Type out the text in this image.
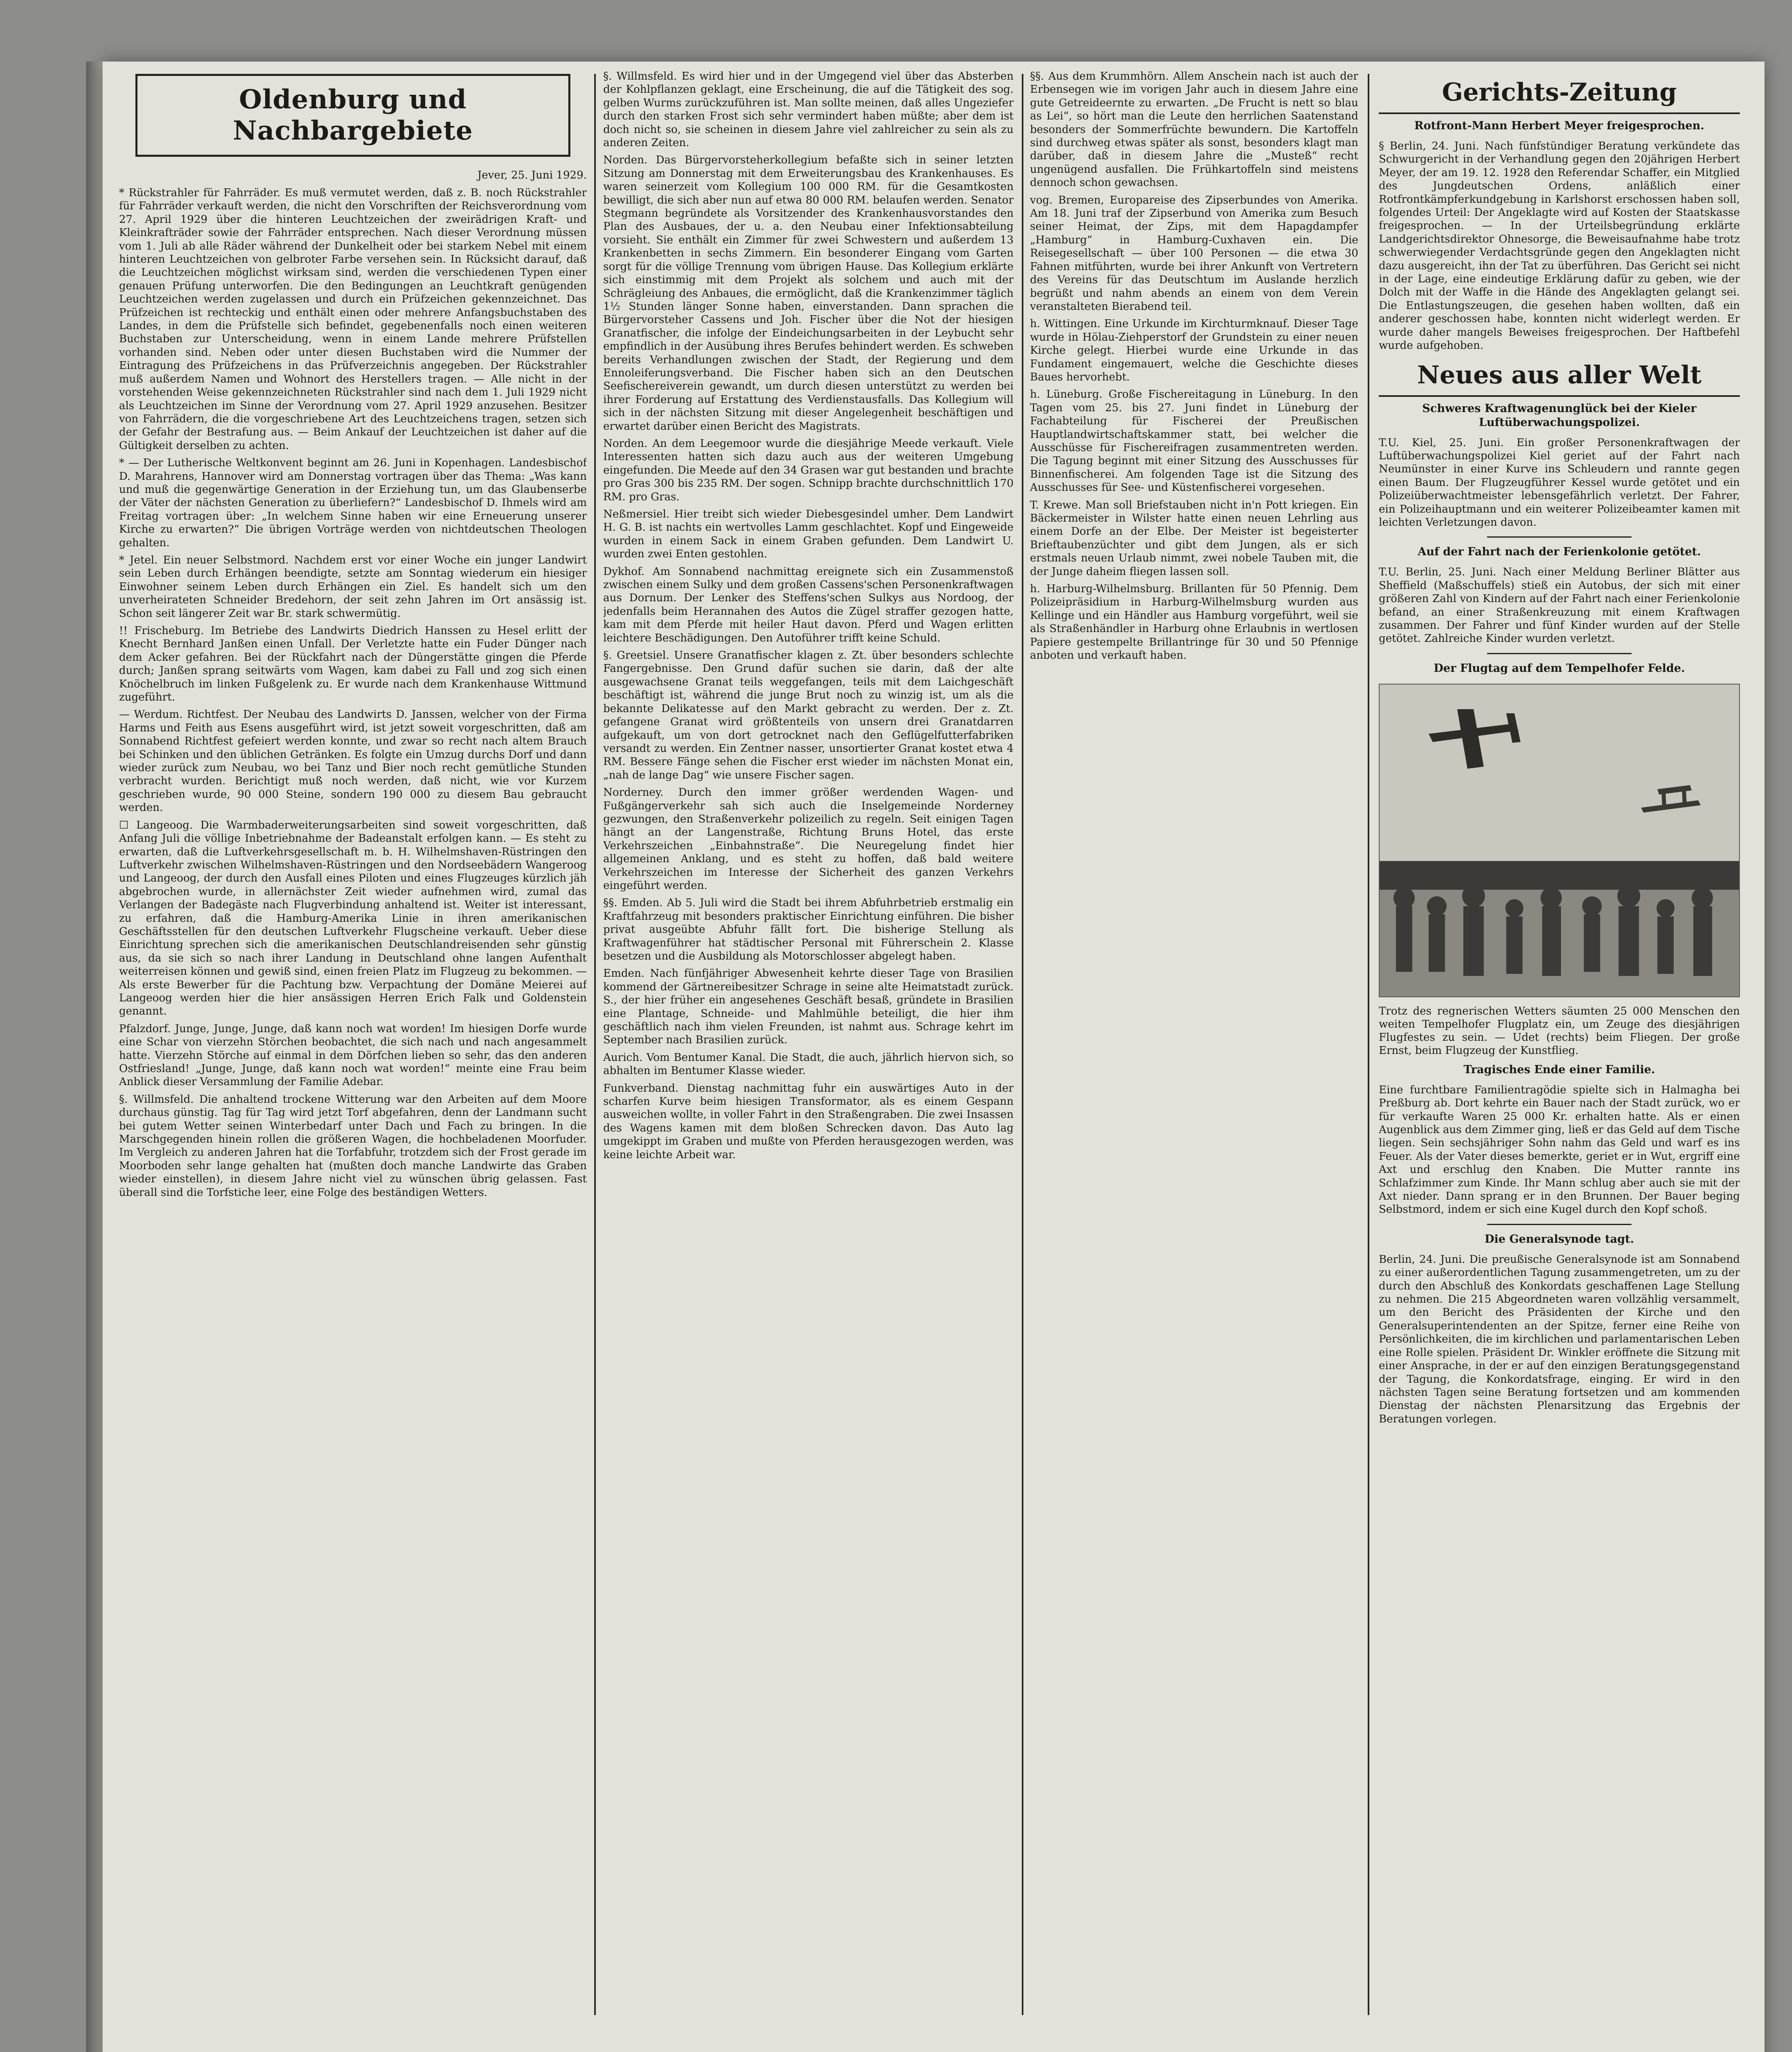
Oldenburg und Nachbargebiete
Jever, 25. Juni 1929.

* Rückstrahler für Fahrräder. Es muß vermutet werden, daß z. B. noch Rückstrahler für Fahrräder verkauft werden, die nicht den Vorschriften der Reichsverordnung vom 27. April 1929 über die hinteren Leuchtzeichen der zweirädrigen Kraft- und Kleinkrafträder sowie der Fahrräder entsprechen. Nach dieser Verordnung müssen vom 1. Juli ab alle Räder während der Dunkelheit oder bei starkem Nebel mit einem hinteren Leuchtzeichen von gelbroter Farbe versehen sein. In Rücksicht darauf, daß die Leuchtzeichen möglichst wirksam sind, werden die verschiedenen Typen einer genauen Prüfung unterworfen. Die den Bedingungen an Leuchtkraft genügenden Leuchtzeichen werden zugelassen und durch ein Prüfzeichen gekennzeichnet. Das Prüfzeichen ist rechteckig und enthält einen oder mehrere Anfangsbuchstaben des Landes, in dem die Prüfstelle sich befindet, gegebenenfalls noch einen weiteren Buchstaben zur Unterscheidung, wenn in einem Lande mehrere Prüfstellen vorhanden sind. Neben oder unter diesen Buchstaben wird die Nummer der Eintragung des Prüfzeichens in das Prüfverzeichnis angegeben. Der Rückstrahler muß außerdem Namen und Wohnort des Herstellers tragen. — Alle nicht in der vorstehenden Weise gekennzeichneten Rückstrahler sind nach dem 1. Juli 1929 nicht als Leuchtzeichen im Sinne der Verordnung vom 27. April 1929 anzusehen. Besitzer von Fahrrädern, die die vorgeschriebene Art des Leuchtzeichens tragen, setzen sich der Gefahr der Bestrafung aus. — Beim Ankauf der Leuchtzeichen ist daher auf die Gültigkeit derselben zu achten.

* — Der Lutherische Weltkonvent beginnt am 26. Juni in Kopenhagen. Landesbischof D. Marahrens, Hannover wird am Donnerstag vortragen über das Thema: „Was kann und muß die gegenwärtige Generation in der Erziehung tun, um das Glaubenserbe der Väter der nächsten Generation zu überliefern?“ Landesbischof D. Ihmels wird am Freitag vortragen über: „In welchem Sinne haben wir eine Erneuerung unserer Kirche zu erwarten?“ Die übrigen Vorträge werden von nichtdeutschen Theologen gehalten.

* Jetel. Ein neuer Selbstmord. Nachdem erst vor einer Woche ein junger Landwirt sein Leben durch Erhängen beendigte, setzte am Sonntag wiederum ein hiesiger Einwohner seinem Leben durch Erhängen ein Ziel. Es handelt sich um den unverheirateten Schneider Bredehorn, der seit zehn Jahren im Ort ansässig ist. Schon seit längerer Zeit war Br. stark schwermütig.

!! Frischeburg. Im Betriebe des Landwirts Diedrich Hanssen zu Hesel erlitt der Knecht Bernhard Janßen einen Unfall. Der Verletzte hatte ein Fuder Dünger nach dem Acker gefahren. Bei der Rückfahrt nach der Düngerstätte gingen die Pferde durch; Janßen sprang seitwärts vom Wagen, kam dabei zu Fall und zog sich einen Knöchelbruch im linken Fußgelenk zu. Er wurde nach dem Krankenhause Wittmund zugeführt.

— Werdum. Richtfest. Der Neubau des Landwirts D. Janssen, welcher von der Firma Harms und Feith aus Esens ausgeführt wird, ist jetzt soweit vorgeschritten, daß am Sonnabend Richtfest gefeiert werden konnte, und zwar so recht nach altem Brauch bei Schinken und den üblichen Getränken. Es folgte ein Umzug durchs Dorf und dann wieder zurück zum Neubau, wo bei Tanz und Bier noch recht gemütliche Stunden verbracht wurden. Berichtigt muß noch werden, daß nicht, wie vor Kurzem geschrieben wurde, 90 000 Steine, sondern 190 000 zu diesem Bau gebraucht werden.

☐ Langeoog. Die Warmbaderweiterungsarbeiten sind soweit vorgeschritten, daß Anfang Juli die völlige Inbetriebnahme der Badeanstalt erfolgen kann. — Es steht zu erwarten, daß die Luftverkehrsgesellschaft m. b. H. Wilhelmshaven-Rüstringen den Luftverkehr zwischen Wilhelmshaven-Rüstringen und den Nordseebädern Wangeroog und Langeoog, der durch den Ausfall eines Piloten und eines Flugzeuges kürzlich jäh abgebrochen wurde, in allernächster Zeit wieder aufnehmen wird, zumal das Verlangen der Badegäste nach Flugverbindung anhaltend ist. Weiter ist interessant, zu erfahren, daß die Hamburg-Amerika Linie in ihren amerikanischen Geschäftsstellen für den deutschen Luftverkehr Flugscheine verkauft. Ueber diese Einrichtung sprechen sich die amerikanischen Deutschlandreisenden sehr günstig aus, da sie sich so nach ihrer Landung in Deutschland ohne langen Aufenthalt weiterreisen können und gewiß sind, einen freien Platz im Flugzeug zu bekommen. — Als erste Bewerber für die Pachtung bzw. Verpachtung der Domäne Meierei auf Langeoog werden hier die hier ansässigen Herren Erich Falk und Goldenstein genannt.

Pfalzdorf. Junge, Junge, Junge, daß kann noch wat worden! Im hiesigen Dorfe wurde eine Schar von vierzehn Störchen beobachtet, die sich nach und nach angesammelt hatte. Vierzehn Störche auf einmal in dem Dörfchen lieben so sehr, das den anderen Ostfriesland! „Junge, Junge, daß kann noch wat worden!“ meinte eine Frau beim Anblick dieser Versammlung der Familie Adebar.

§. Willmsfeld. Die anhaltend trockene Witterung war den Arbeiten auf dem Moore durchaus günstig. Tag für Tag wird jetzt Torf abgefahren, denn der Landmann sucht bei gutem Wetter seinen Winterbedarf unter Dach und Fach zu bringen. In die Marschgegenden hinein rollen die größeren Wagen, die hochbeladenen Moorfuder. Im Vergleich zu anderen Jahren hat die Torfabfuhr, trotzdem sich der Frost gerade im Moorboden sehr lange gehalten hat (mußten doch manche Landwirte das Graben wieder einstellen), in diesem Jahre nicht viel zu wünschen übrig gelassen. Fast überall sind die Torfstiche leer, eine Folge des beständigen Wetters.

§. Willmsfeld. Es wird hier und in der Umgegend viel über das Absterben der Kohlpflanzen geklagt, eine Erscheinung, die auf die Tätigkeit des sog. gelben Wurms zurückzuführen ist. Man sollte meinen, daß alles Ungeziefer durch den starken Frost sich sehr vermindert haben müßte; aber dem ist doch nicht so, sie scheinen in diesem Jahre viel zahlreicher zu sein als zu anderen Zeiten.

Norden. Das Bürgervorsteherkollegium befaßte sich in seiner letzten Sitzung am Donnerstag mit dem Erweiterungsbau des Krankenhauses. Es waren seinerzeit vom Kollegium 100 000 RM. für die Gesamtkosten bewilligt, die sich aber nun auf etwa 80 000 RM. belaufen werden. Senator Stegmann begründete als Vorsitzender des Krankenhausvorstandes den Plan des Ausbaues, der u. a. den Neubau einer Infektionsabteilung vorsieht. Sie enthält ein Zimmer für zwei Schwestern und außerdem 13 Krankenbetten in sechs Zimmern. Ein besonderer Eingang vom Garten sorgt für die völlige Trennung vom übrigen Hause. Das Kollegium erklärte sich einstimmig mit dem Projekt als solchem und auch mit der Schrägleiung des Anbaues, die ermöglicht, daß die Krankenzimmer täglich 1½ Stunden länger Sonne haben, einverstanden. Dann sprachen die Bürgervorsteher Cassens und Joh. Fischer über die Not der hiesigen Granatfischer, die infolge der Eindeichungsarbeiten in der Leybucht sehr empfindlich in der Ausübung ihres Berufes behindert werden. Es schweben bereits Verhandlungen zwischen der Stadt, der Regierung und dem Ennoleiferungsverband. Die Fischer haben sich an den Deutschen Seefischereiverein gewandt, um durch diesen unterstützt zu werden bei ihrer Forderung auf Erstattung des Verdienstausfalls. Das Kollegium will sich in der nächsten Sitzung mit dieser Angelegenheit beschäftigen und erwartet darüber einen Bericht des Magistrats.

Norden. An dem Leegemoor wurde die diesjährige Meede verkauft. Viele Interessenten hatten sich dazu auch aus der weiteren Umgebung eingefunden. Die Meede auf den 34 Grasen war gut bestanden und brachte pro Gras 300 bis 235 RM. Der sogen. Schnipp brachte durchschnittlich 170 RM. pro Gras.

Neßmersiel. Hier treibt sich wieder Diebesgesindel umher. Dem Landwirt H. G. B. ist nachts ein wertvolles Lamm geschlachtet. Kopf und Eingeweide wurden in einem Sack in einem Graben gefunden. Dem Landwirt U. wurden zwei Enten gestohlen.

Dykhof. Am Sonnabend nachmittag ereignete sich ein Zusammenstoß zwischen einem Sulky und dem großen Cassens'schen Personenkraftwagen aus Dornum. Der Lenker des Steffens'schen Sulkys aus Nordoog, der jedenfalls beim Herannahen des Autos die Zügel straffer gezogen hatte, kam mit dem Pferde mit heiler Haut davon. Pferd und Wagen erlitten leichtere Beschädigungen. Den Autoführer trifft keine Schuld.

§. Greetsiel. Unsere Granatfischer klagen z. Zt. über besonders schlechte Fangergebnisse. Den Grund dafür suchen sie darin, daß der alte ausgewachsene Granat teils weggefangen, teils mit dem Laichgeschäft beschäftigt ist, während die junge Brut noch zu winzig ist, um als die bekannte Delikatesse auf den Markt gebracht zu werden. Der z. Zt. gefangene Granat wird größtenteils von unsern drei Granatdarren aufgekauft, um von dort getrocknet nach den Geflügelfutterfabriken versandt zu werden. Ein Zentner nasser, unsortierter Granat kostet etwa 4 RM. Bessere Fänge sehen die Fischer erst wieder im nächsten Monat ein, „nah de lange Dag“ wie unsere Fischer sagen.

Norderney. Durch den immer größer werdenden Wagen- und Fußgängerverkehr sah sich auch die Inselgemeinde Norderney gezwungen, den Straßenverkehr polizeilich zu regeln. Seit einigen Tagen hängt an der Langenstraße, Richtung Bruns Hotel, das erste Verkehrszeichen „Einbahnstraße“. Die Neuregelung findet hier allgemeinen Anklang, und es steht zu hoffen, daß bald weitere Verkehrszeichen im Interesse der Sicherheit des ganzen Verkehrs eingeführt werden.

§§. Emden. Ab 5. Juli wird die Stadt bei ihrem Abfuhrbetrieb erstmalig ein Kraftfahrzeug mit besonders praktischer Einrichtung einführen. Die bisher privat ausgeübte Abfuhr fällt fort. Die bisherige Stellung als Kraftwagenführer hat städtischer Personal mit Führerschein 2. Klasse besetzen und die Ausbildung als Motorschlosser abgelegt haben.

Emden. Nach fünfjähriger Abwesenheit kehrte dieser Tage von Brasilien kommend der Gärtnereibesitzer Schrage in seine alte Heimatstadt zurück. S., der hier früher ein angesehenes Geschäft besaß, gründete in Brasilien eine Plantage, Schneide- und Mahlmühle beteiligt, die hier ihm geschäftlich nach ihm vielen Freunden, ist nahmt aus. Schrage kehrt im September nach Brasilien zurück.

Aurich. Vom Bentumer Kanal. Die Stadt, die auch, jährlich hiervon sich, so abhalten im Bentumer Klasse wieder.

Funkverband. Dienstag nachmittag fuhr ein auswärtiges Auto in der scharfen Kurve beim hiesigen Transformator, als es einem Gespann ausweichen wollte, in voller Fahrt in den Straßengraben. Die zwei Insassen des Wagens kamen mit dem bloßen Schrecken davon. Das Auto lag umgekippt im Graben und mußte von Pferden herausgezogen werden, was keine leichte Arbeit war.

§§. Aus dem Krummhörn. Allem Anschein nach ist auch der Erbensegen wie im vorigen Jahr auch in diesem Jahre eine gute Getreideernte zu erwarten. „De Frucht is nett so blau as Lei“, so hört man die Leute den herrlichen Saatenstand besonders der Sommerfrüchte bewundern. Die Kartoffeln sind durchweg etwas später als sonst, besonders klagt man darüber, daß in diesem Jahre die „Musteß“ recht ungenügend ausfallen. Die Frühkartoffeln sind meistens dennoch schon gewachsen.

vog. Bremen, Europareise des Zipserbundes von Amerika. Am 18. Juni traf der Zipserbund von Amerika zum Besuch seiner Heimat, der Zips, mit dem Hapagdampfer „Hamburg“ in Hamburg-Cuxhaven ein. Die Reisegesellschaft — über 100 Personen — die etwa 30 Fahnen mitführten, wurde bei ihrer Ankunft von Vertretern des Vereins für das Deutschtum im Auslande herzlich begrüßt und nahm abends an einem von dem Verein veranstalteten Bierabend teil.

h. Wittingen. Eine Urkunde im Kirchturmknauf. Dieser Tage wurde in Hölau-Ziehperstorf der Grundstein zu einer neuen Kirche gelegt. Hierbei wurde eine Urkunde in das Fundament eingemauert, welche die Geschichte dieses Baues hervorhebt.

h. Lüneburg. Große Fischereitagung in Lüneburg. In den Tagen vom 25. bis 27. Juni findet in Lüneburg der Fachabteilung für Fischerei der Preußischen Hauptlandwirtschaftskammer statt, bei welcher die Ausschüsse für Fischereifragen zusammentreten werden. Die Tagung beginnt mit einer Sitzung des Ausschusses für Binnenfischerei. Am folgenden Tage ist die Sitzung des Ausschusses für See- und Küstenfischerei vorgesehen.

T. Krewe. Man soll Briefstauben nicht in'n Pott kriegen. Ein Bäckermeister in Wilster hatte einen neuen Lehrling aus einem Dorfe an der Elbe. Der Meister ist begeisterter Brieftaubenzüchter und gibt dem Jungen, als er sich erstmals neuen Urlaub nimmt, zwei nobele Tauben mit, die der Junge daheim fliegen lassen soll.

h. Harburg-Wilhelmsburg. Brillanten für 50 Pfennig. Dem Polizeipräsidium in Harburg-Wilhelmsburg wurden aus Kellinge und ein Händler aus Hamburg vorgeführt, weil sie als Straßenhändler in Harburg ohne Erlaubnis in wertlosen Papiere gestempelte Brillantringe für 30 und 50 Pfennige anboten und verkauft haben.

Gerichts-Zeitung
Rotfront-Mann Herbert Meyer freigesprochen.

§ Berlin, 24. Juni. Nach fünfstündiger Beratung verkündete das Schwurgericht in der Verhandlung gegen den 20jährigen Herbert Meyer, der am 19. 12. 1928 den Referendar Schaffer, ein Mitglied des Jungdeutschen Ordens, anläßlich einer Rotfrontkämpferkundgebung in Karlshorst erschossen haben soll, folgendes Urteil: Der Angeklagte wird auf Kosten der Staatskasse freigesprochen. — In der Urteilsbegründung erklärte Landgerichtsdirektor Ohnesorge, die Beweisaufnahme habe trotz schwerwiegender Verdachtsgründe gegen den Angeklagten nicht dazu ausgereicht, ihn der Tat zu überführen. Das Gericht sei nicht in der Lage, eine eindeutige Erklärung dafür zu geben, wie der Dolch mit der Waffe in die Hände des Angeklagten gelangt sei. Die Entlastungszeugen, die gesehen haben wollten, daß ein anderer geschossen habe, konnten nicht widerlegt werden. Er wurde daher mangels Beweises freigesprochen. Der Haftbefehl wurde aufgehoben.

Neues aus aller Welt
Schweres Kraftwagenunglück bei der Kieler Luftüberwachungspolizei.

T.U. Kiel, 25. Juni. Ein großer Personenkraftwagen der Luftüberwachungspolizei Kiel geriet auf der Fahrt nach Neumünster in einer Kurve ins Schleudern und rannte gegen einen Baum. Der Flugzeugführer Kessel wurde getötet und ein Polizeiüberwachtmeister lebensgefährlich verletzt. Der Fahrer, ein Polizeihauptmann und ein weiterer Polizeibeamter kamen mit leichten Verletzungen davon.

Auf der Fahrt nach der Ferienkolonie getötet.

T.U. Berlin, 25. Juni. Nach einer Meldung Berliner Blätter aus Sheffield (Maßschuffels) stieß ein Autobus, der sich mit einer größeren Zahl von Kindern auf der Fahrt nach einer Ferienkolonie befand, an einer Straßenkreuzung mit einem Kraftwagen zusammen. Der Fahrer und fünf Kinder wurden auf der Stelle getötet. Zahlreiche Kinder wurden verletzt.

Der Flugtag auf dem Tempelhofer Felde.
Trotz des regnerischen Wetters säumten 25 000 Menschen den weiten Tempelhofer Flugplatz ein, um Zeuge des diesjährigen Flugfestes zu sein. — Udet (rechts) beim Fliegen. Der große Ernst, beim Flugzeug der Kunstflieg.
Tragisches Ende einer Familie.

Eine furchtbare Familientragödie spielte sich in Halmagha bei Preßburg ab. Dort kehrte ein Bauer nach der Stadt zurück, wo er für verkaufte Waren 25 000 Kr. erhalten hatte. Als er einen Augenblick aus dem Zimmer ging, ließ er das Geld auf dem Tische liegen. Sein sechsjähriger Sohn nahm das Geld und warf es ins Feuer. Als der Vater dieses bemerkte, geriet er in Wut, ergriff eine Axt und erschlug den Knaben. Die Mutter rannte ins Schlafzimmer zum Kinde. Ihr Mann schlug aber auch sie mit der Axt nieder. Dann sprang er in den Brunnen. Der Bauer beging Selbstmord, indem er sich eine Kugel durch den Kopf schoß.

Die Generalsynode tagt.

Berlin, 24. Juni. Die preußische Generalsynode ist am Sonnabend zu einer außerordentlichen Tagung zusammengetreten, um zu der durch den Abschluß des Konkordats geschaffenen Lage Stellung zu nehmen. Die 215 Abgeordneten waren vollzählig versammelt, um den Bericht des Präsidenten der Kirche und den Generalsuperintendenten an der Spitze, ferner eine Reihe von Persönlichkeiten, die im kirchlichen und parlamentarischen Leben eine Rolle spielen. Präsident Dr. Winkler eröffnete die Sitzung mit einer Ansprache, in der er auf den einzigen Beratungsgegenstand der Tagung, die Konkordatsfrage, einging. Er wird in den nächsten Tagen seine Beratung fortsetzen und am kommenden Dienstag der nächsten Plenarsitzung das Ergebnis der Beratungen vorlegen.
